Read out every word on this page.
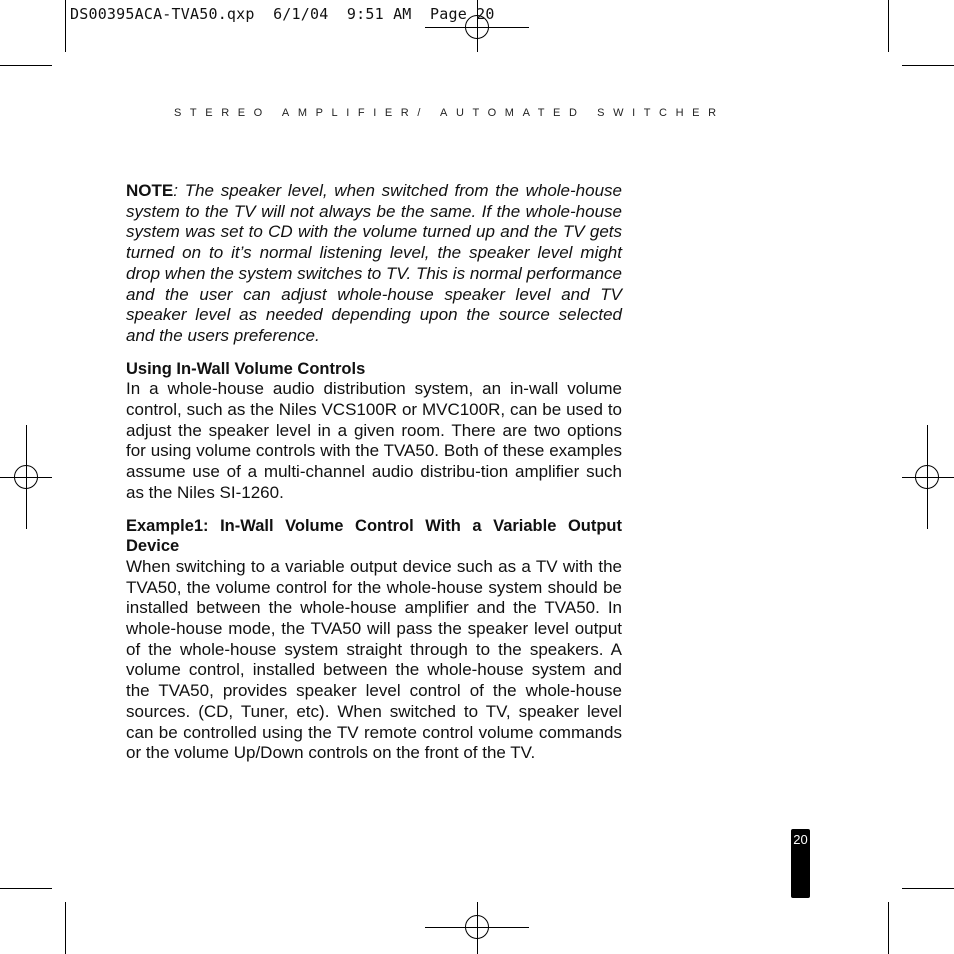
DS00395ACA-TVA50.qxp  6/1/04  9:51 AM  Page 20
STEREO AMPLIFIER/ AUTOMATED SWITCHER

NOTE: The speaker level, when switched from the whole-house system to the TV will not always be the same. If the whole-house system was set to CD with the volume turned up and the TV gets turned on to it’s normal listening level, the speaker level might drop when the system switches to TV. This is normal performance and the user can adjust whole-house speaker level and TV speaker level as needed depending upon the source selected and the users preference.

Using In-Wall Volume Controls

In a whole-house audio distribution system, an in-wall volume control, such as the Niles VCS100R or MVC100R, can be used to adjust the speaker level in a given room. There are two options for using volume controls with the TVA50. Both of these examples assume use of a multi-channel audio distribu-tion amplifier such as the Niles SI-1260.

Example1: In-Wall Volume Control With a Variable Output Device

When switching to a variable output device such as a TV with the TVA50, the volume control for the whole-house system should be installed between the whole-house amplifier and the TVA50. In whole-house mode, the TVA50 will pass the speaker level output of the whole-house system straight through to the speakers. A volume control, installed between the whole-house system and the TVA50, provides speaker level control of the whole-house sources. (CD, Tuner, etc). When switched to TV, speaker level can be controlled using the TV remote control volume commands or the volume Up/Down controls on the front of the TV.

20
